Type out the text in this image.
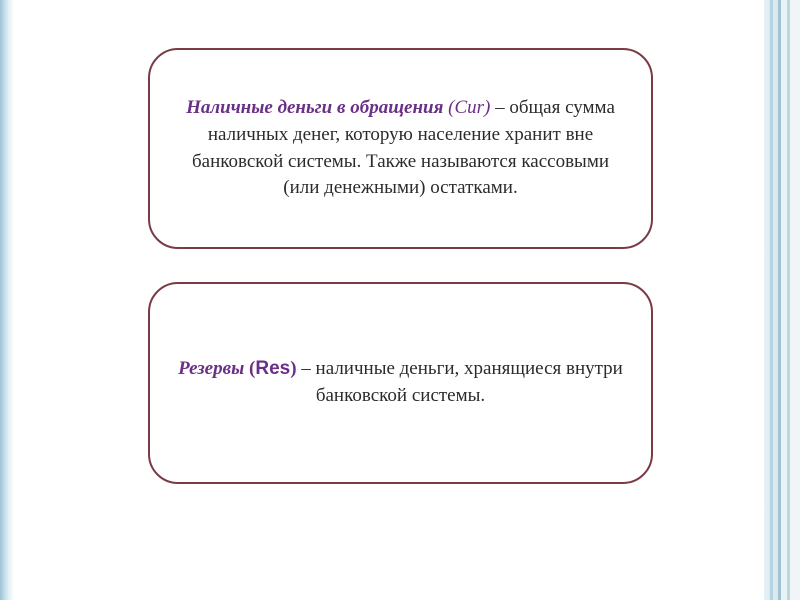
Наличные деньги в обращения (Cur) – общая сумма наличных денег, которую население хранит вне банковской системы. Также называются кассовыми (или денежными) остатками.
Резервы (Res) – наличные деньги, хранящиеся внутри банковской системы.
